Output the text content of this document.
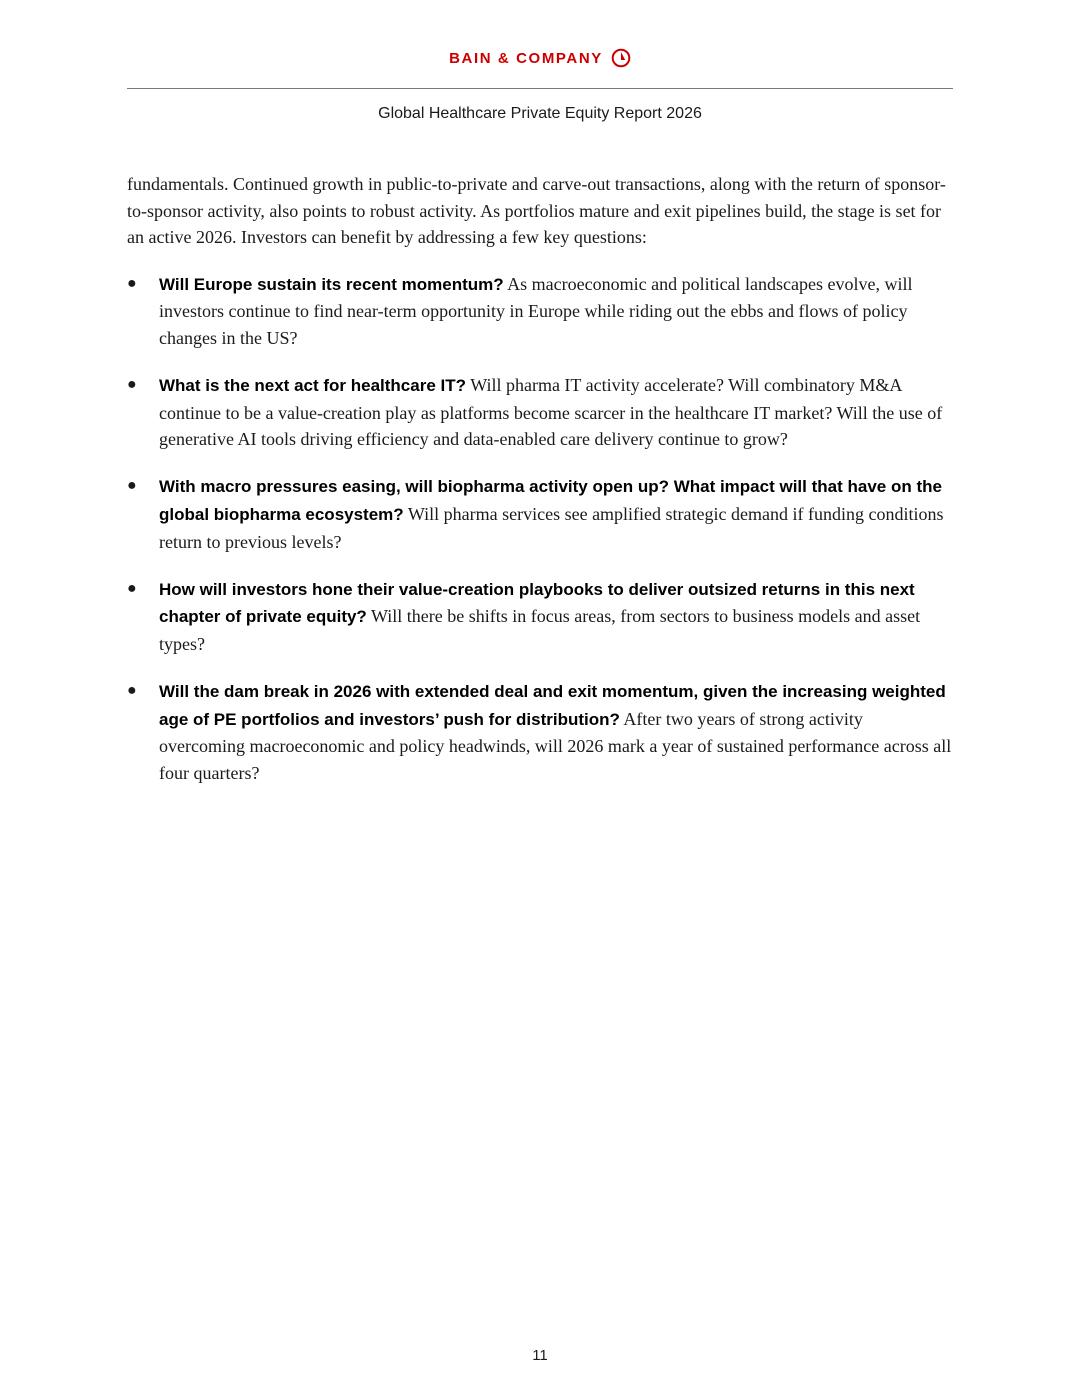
BAIN & COMPANY
Global Healthcare Private Equity Report 2026

fundamentals. Continued growth in public-to-private and carve-out transactions, along with the return of sponsor-to-sponsor activity, also points to robust activity. As portfolios mature and exit pipelines build, the stage is set for an active 2026. Investors can benefit by addressing a few key questions:

● Will Europe sustain its recent momentum? As macroeconomic and political landscapes evolve, will investors continue to find near-term opportunity in Europe while riding out the ebbs and flows of policy changes in the US?
● What is the next act for healthcare IT? Will pharma IT activity accelerate? Will combinatory M&A continue to be a value-creation play as platforms become scarcer in the healthcare IT market? Will the use of generative AI tools driving efficiency and data-enabled care delivery continue to grow?
● With macro pressures easing, will biopharma activity open up? What impact will that have on the global biopharma ecosystem? Will pharma services see amplified strategic demand if funding conditions return to previous levels?
● How will investors hone their value-creation playbooks to deliver outsized returns in this next chapter of private equity? Will there be shifts in focus areas, from sectors to business models and asset types?
● Will the dam break in 2026 with extended deal and exit momentum, given the increasing weighted age of PE portfolios and investors’ push for distribution? After two years of strong activity overcoming macroeconomic and policy headwinds, will 2026 mark a year of sustained performance across all four quarters?
11
